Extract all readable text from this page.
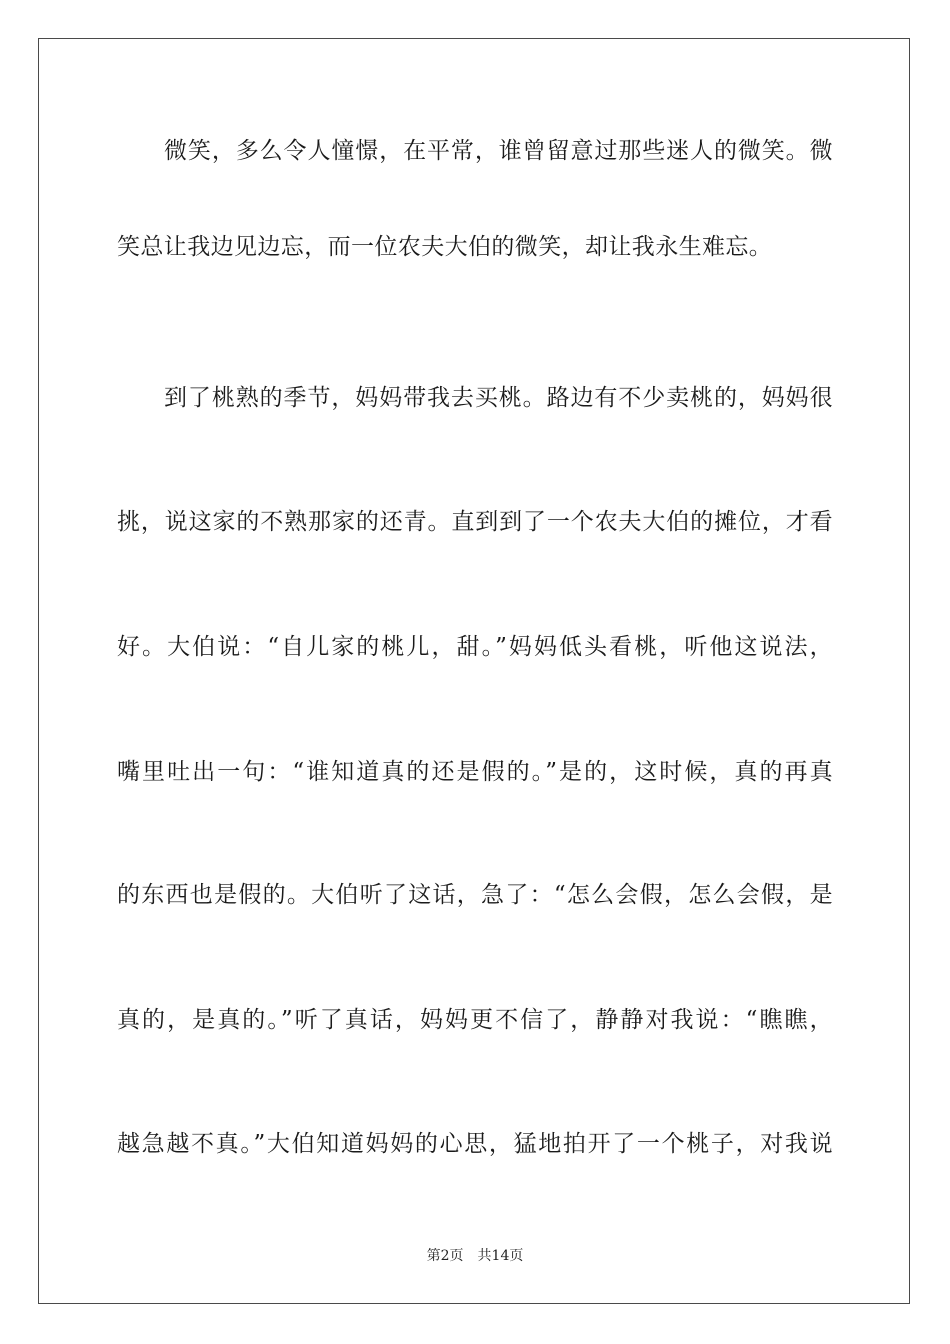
微笑，多么令人憧憬，在平常，谁曾留意过那些迷人的微笑。微
笑总让我边见边忘，而一位农夫大伯的微笑，却让我永生难忘。
到了桃熟的季节，妈妈带我去买桃。路边有不少卖桃的，妈妈很
挑，说这家的不熟那家的还青。直到到了一个农夫大伯的摊位，才看
好。大伯说：“自儿家的桃儿，甜。”妈妈低头看桃，听他这说法，
嘴里吐出一句：“谁知道真的还是假的。”是的，这时候，真的再真
的东西也是假的。大伯听了这话，急了：“怎么会假，怎么会假，是
真的，是真的。”听了真话，妈妈更不信了，静静对我说：“瞧瞧，
越急越不真。”大伯知道妈妈的心思，猛地拍开了一个桃子，对我说
第2页 共14页
